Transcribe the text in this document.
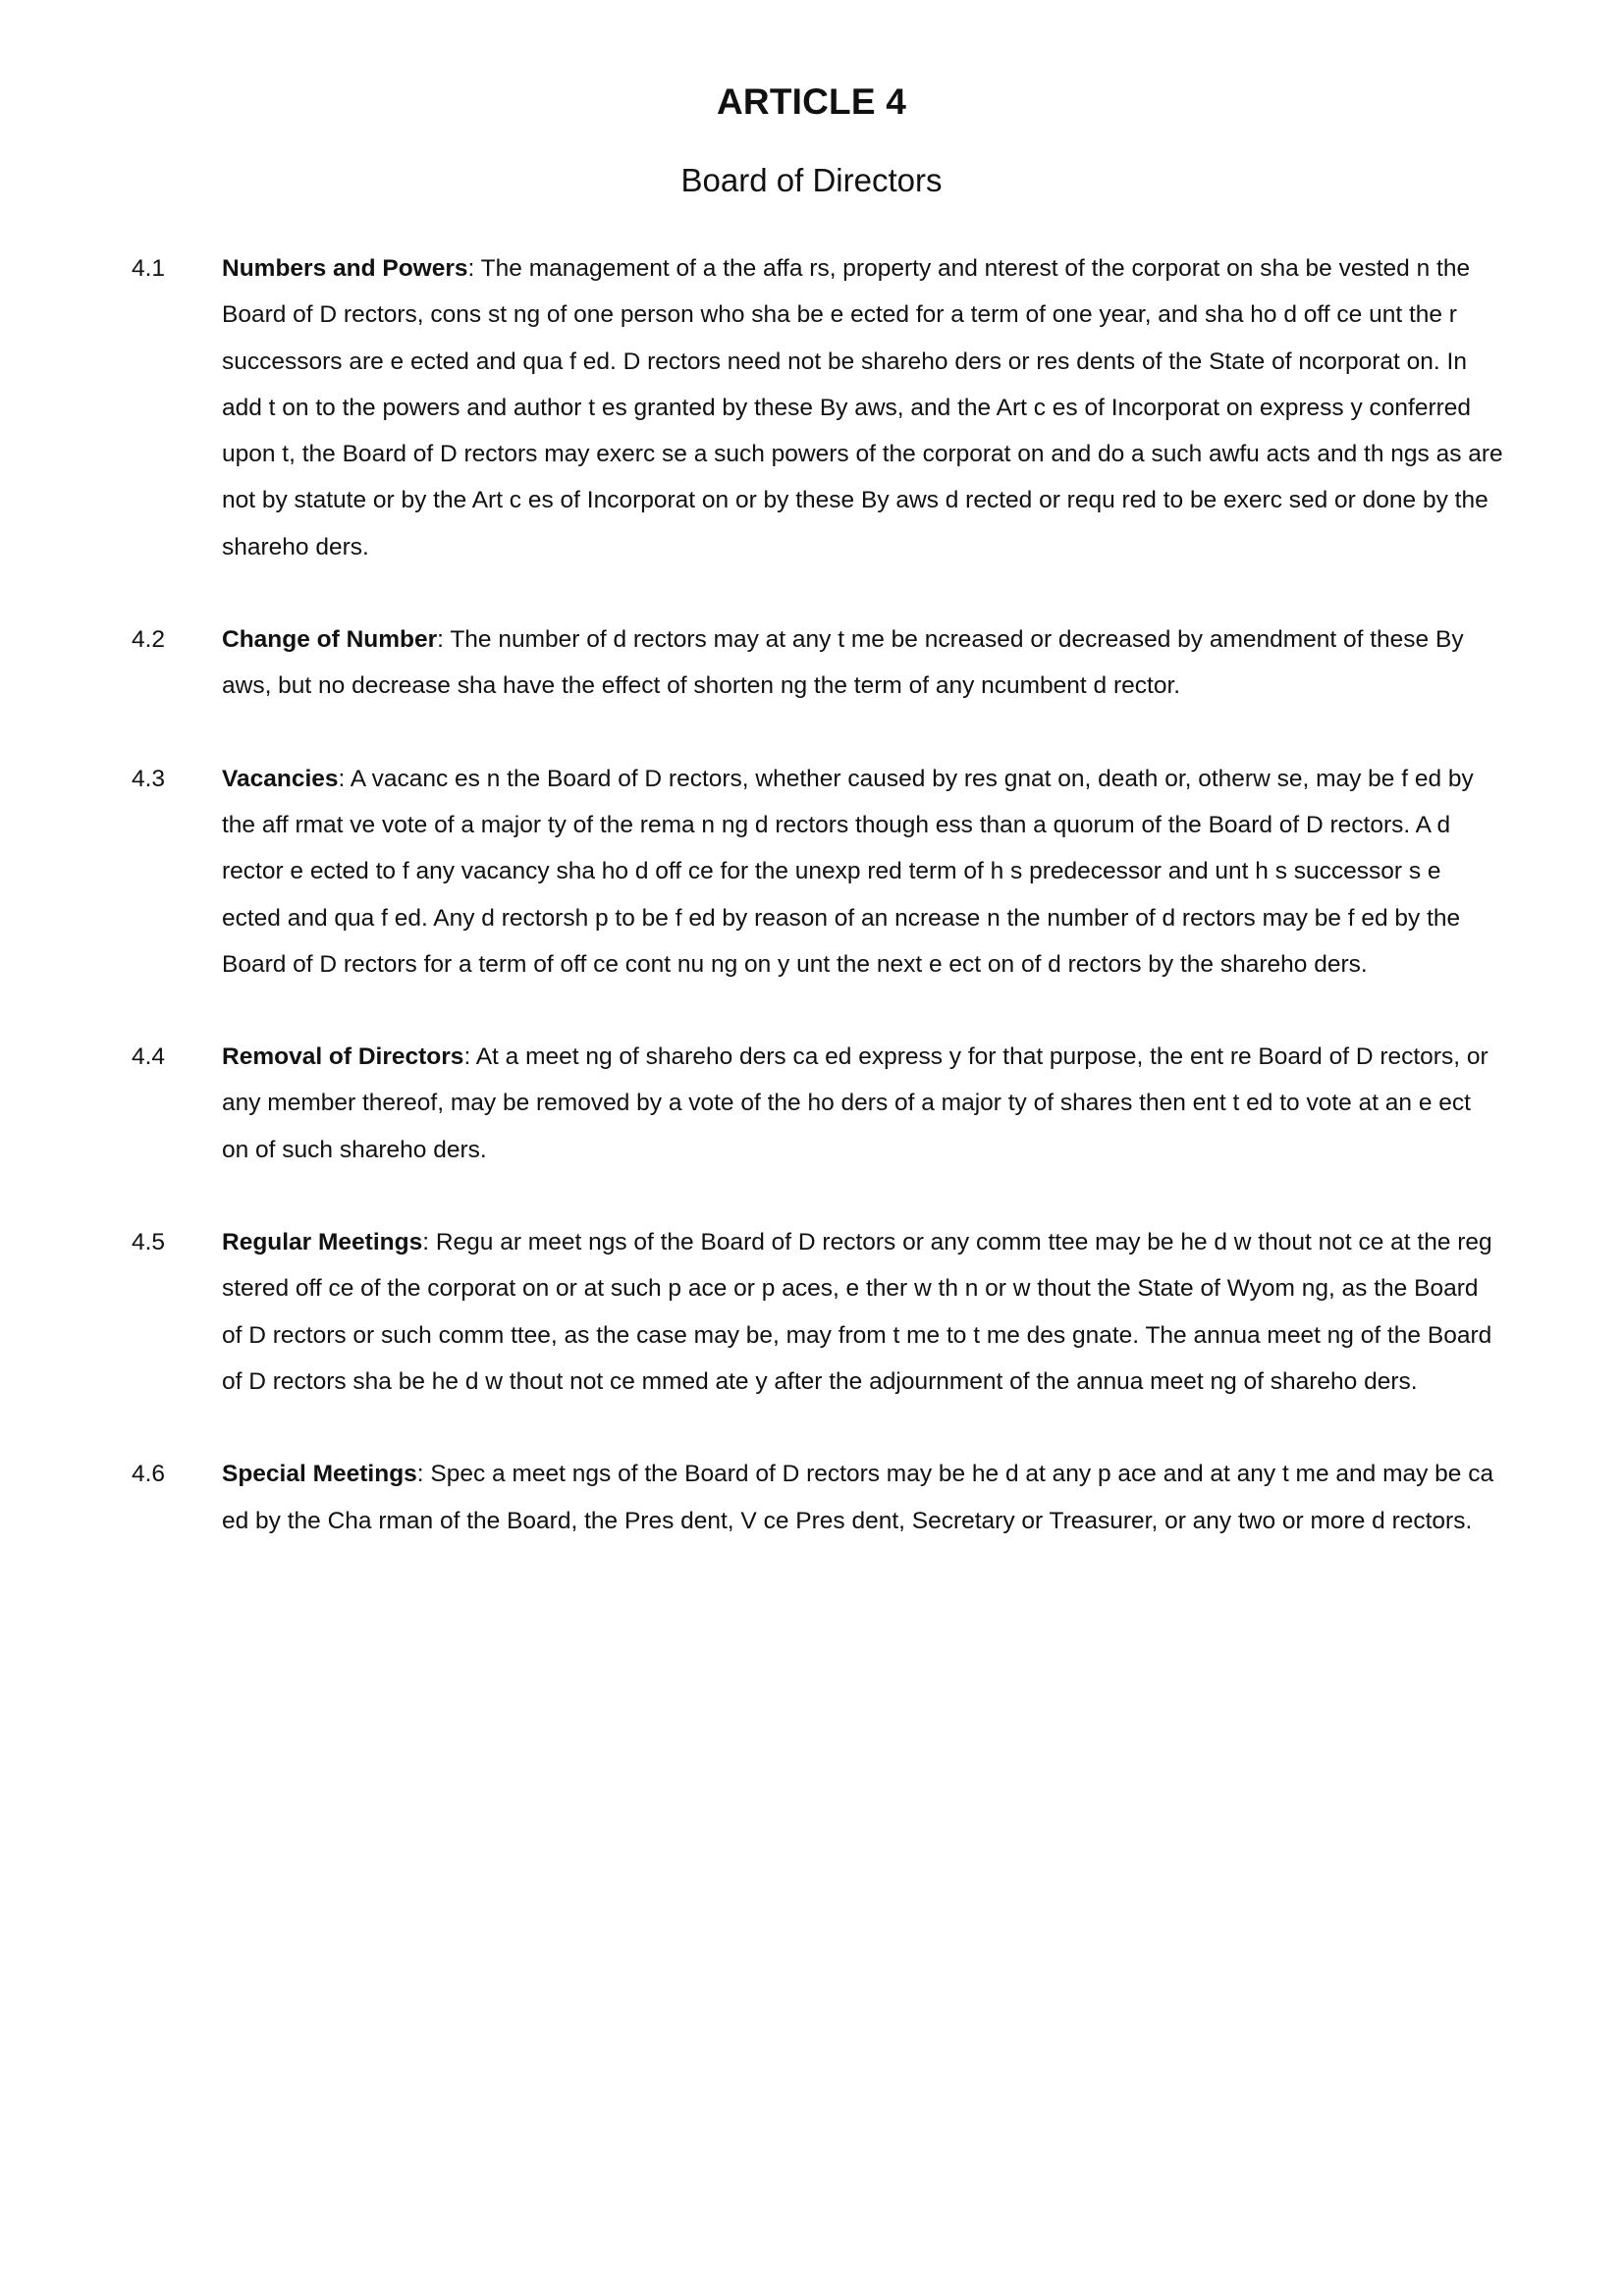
ARTICLE 4
Board of Directors
4.1 Numbers and Powers: The management of a the affa rs, property and nterest of the corporat on sha be vested n the Board of D rectors, cons st ng of one person who sha be e ected for a term of one year, and sha ho d off ce unt the r successors are e ected and qua f ed. D rectors need not be shareho ders or res dents of the State of ncorporat on. In add t on to the powers and author t es granted by these By aws, and the Art c es of Incorporat on express y conferred upon t, the Board of D rectors may exerc se a such powers of the corporat on and do a such awfu acts and th ngs as are not by statute or by the Art c es of Incorporat on or by these By aws d rected or requ red to be exerc sed or done by the shareho ders.
4.2 Change of Number: The number of d rectors may at any t me be ncreased or decreased by amendment of these By aws, but no decrease sha have the effect of shorten ng the term of any ncumbent d rector.
4.3 Vacancies: A vacanc es n the Board of D rectors, whether caused by res gnat on, death or, otherw se, may be f ed by the aff rmat ve vote of a major ty of the rema n ng d rectors though ess than a quorum of the Board of D rectors. A d rector e ected to f any vacancy sha ho d off ce for the unexp red term of h s predecessor and unt h s successor s e ected and qua f ed. Any d rectorsh p to be f ed by reason of an ncrease n the number of d rectors may be f ed by the Board of D rectors for a term of off ce cont nu ng on y unt the next e ect on of d rectors by the shareho ders.
4.4 Removal of Directors: At a meet ng of shareho ders ca ed express y for that purpose, the ent re Board of D rectors, or any member thereof, may be removed by a vote of the ho ders of a major ty of shares then ent t ed to vote at an e ect on of such shareho ders.
4.5 Regular Meetings: Regu ar meet ngs of the Board of D rectors or any comm ttee may be he d w thout not ce at the reg stered off ce of the corporat on or at such p ace or p aces, e ther w th n or w thout the State of Wyom ng, as the Board of D rectors or such comm ttee, as the case may be, may from t me to t me des gnate. The annua meet ng of the Board of D rectors sha be he d w thout not ce mmed ate y after the adjournment of the annua meet ng of shareho ders.
4.6 Special Meetings: Spec a meet ngs of the Board of D rectors may be he d at any p ace and at any t me and may be ca ed by the Cha rman of the Board, the Pres dent, V ce Pres dent, Secretary or Treasurer, or any two or more d rectors.
